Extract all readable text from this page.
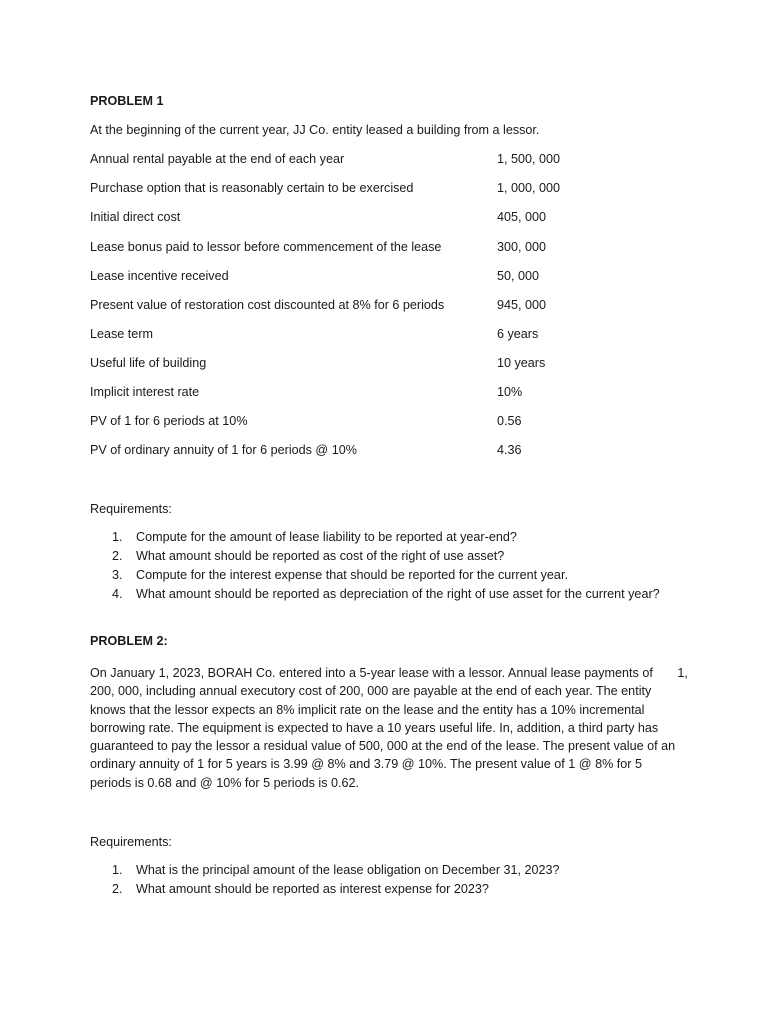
PROBLEM 1
At the beginning of the current year, JJ Co. entity leased a building from a lessor.
Annual rental payable at the end of each year	1, 500, 000
Purchase option that is reasonably certain to be exercised	1, 000, 000
Initial direct cost	405, 000
Lease bonus paid to lessor before commencement of the lease	300, 000
Lease incentive received	50, 000
Present value of restoration cost discounted at 8% for 6 periods	945, 000
Lease term	6 years
Useful life of building	10 years
Implicit interest rate	10%
PV of 1 for 6 periods at 10%	0.56
PV of ordinary annuity of 1 for 6 periods @ 10%	4.36
Requirements:
1. Compute for the amount of lease liability to be reported at year-end?
2. What amount should be reported as cost of the right of use asset?
3. Compute for the interest expense that should be reported for the current year.
4. What amount should be reported as depreciation of the right of use asset for the current year?
PROBLEM 2:
On January 1, 2023, BORAH Co. entered into a 5-year lease with a lessor. Annual lease payments of       1,
200, 000, including annual executory cost of 200, 000 are payable at the end of each year. The entity
knows that the lessor expects an 8% implicit rate on the lease and the entity has a 10% incremental
borrowing rate. The equipment is expected to have a 10 years useful life. In, addition, a third party has
guaranteed to pay the lessor a residual value of 500, 000 at the end of the lease. The present value of an
ordinary annuity of 1 for 5 years is 3.99 @ 8% and 3.79 @ 10%. The present value of 1 @ 8% for 5
periods is 0.68 and @ 10% for 5 periods is 0.62.
Requirements:
1. What is the principal amount of the lease obligation on December 31, 2023?
2. What amount should be reported as interest expense for 2023?
